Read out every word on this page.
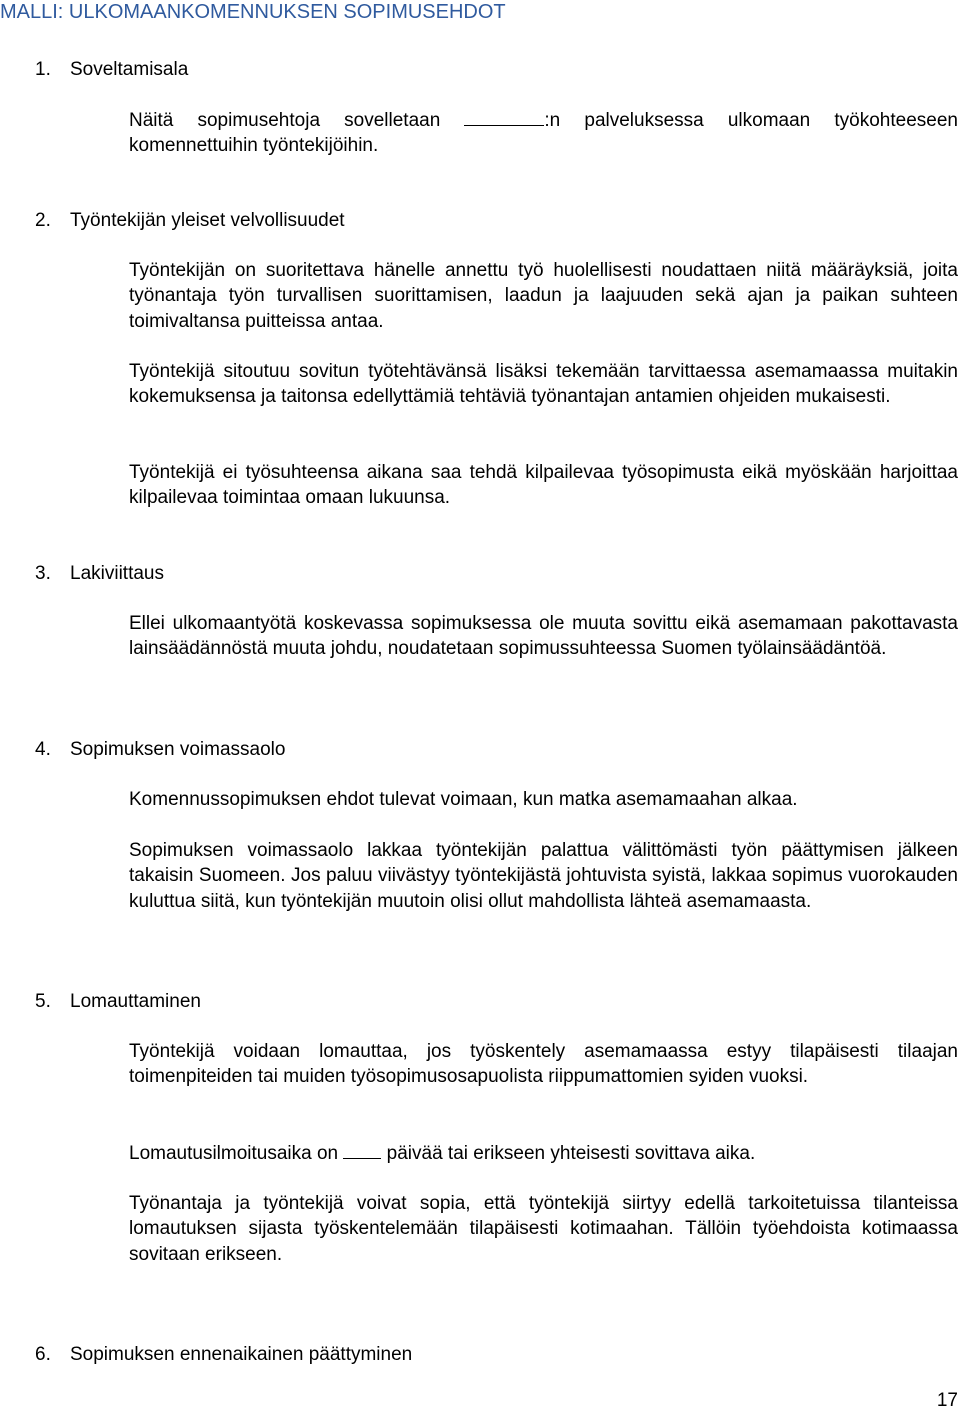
MALLI: ULKOMAANKOMENNUKSEN SOPIMUSEHDOT
1. Soveltamisala
Näitä sopimusehtoja sovelletaan	:n palveluksessa ulkomaan työkohteeseen komennettuihin työntekijöihin.
2. Työntekijän yleiset velvollisuudet
Työntekijän on suoritettava hänelle annettu työ huolellisesti noudattaen niitä määräyksiä, joita työnantaja työn turvallisen suorittamisen, laadun ja laajuuden sekä ajan ja paikan suhteen toimivaltansa puitteissa antaa.
Työntekijä sitoutuu sovitun työtehtävänsä lisäksi tekemään tarvittaessa asemamaassa muitakin kokemuksensa ja taitonsa edellyttämiä tehtäviä työnantajan antamien ohjeiden mukaisesti.
Työntekijä ei työsuhteensa aikana saa tehdä kilpailevaa työsopimusta eikä myöskään harjoittaa kilpailevaa toimintaa omaan lukuunsa.
3. Lakiviittaus
Ellei ulkomaantyötä koskevassa sopimuksessa ole muuta sovittu eikä asemamaan pakottavasta lainsäädännöstä muuta johdu, noudatetaan sopimussuhteessa Suomen työlainsäädäntöä.
4. Sopimuksen voimassaolo
Komennussopimuksen ehdot tulevat voimaan, kun matka asemamaahan alkaa.
Sopimuksen voimassaolo lakkaa työntekijän palattua välittömästi työn päättymisen jälkeen takaisin Suomeen. Jos paluu viivästyy työntekijästä johtuvista syistä, lakkaa sopimus vuorokauden kuluttua siitä, kun työntekijän muutoin olisi ollut mahdollista lähteä asemamaasta.
5. Lomauttaminen
Työntekijä voidaan lomauttaa, jos työskentely asemamaassa estyy tilapäisesti tilaajan toimenpiteiden tai muiden työsopimusosapuolista riippumattomien syiden vuoksi.
Lomautusilmoitusaika on  päivää tai erikseen yhteisesti sovittava aika.
Työnantaja ja työntekijä voivat sopia, että työntekijä siirtyy edellä tarkoitetuissa tilanteissa lomautuksen sijasta työskentelemään tilapäisesti kotimaahan. Tällöin työehdoista kotimaassa sovitaan erikseen.
6. Sopimuksen ennenaikainen päättyminen
17
